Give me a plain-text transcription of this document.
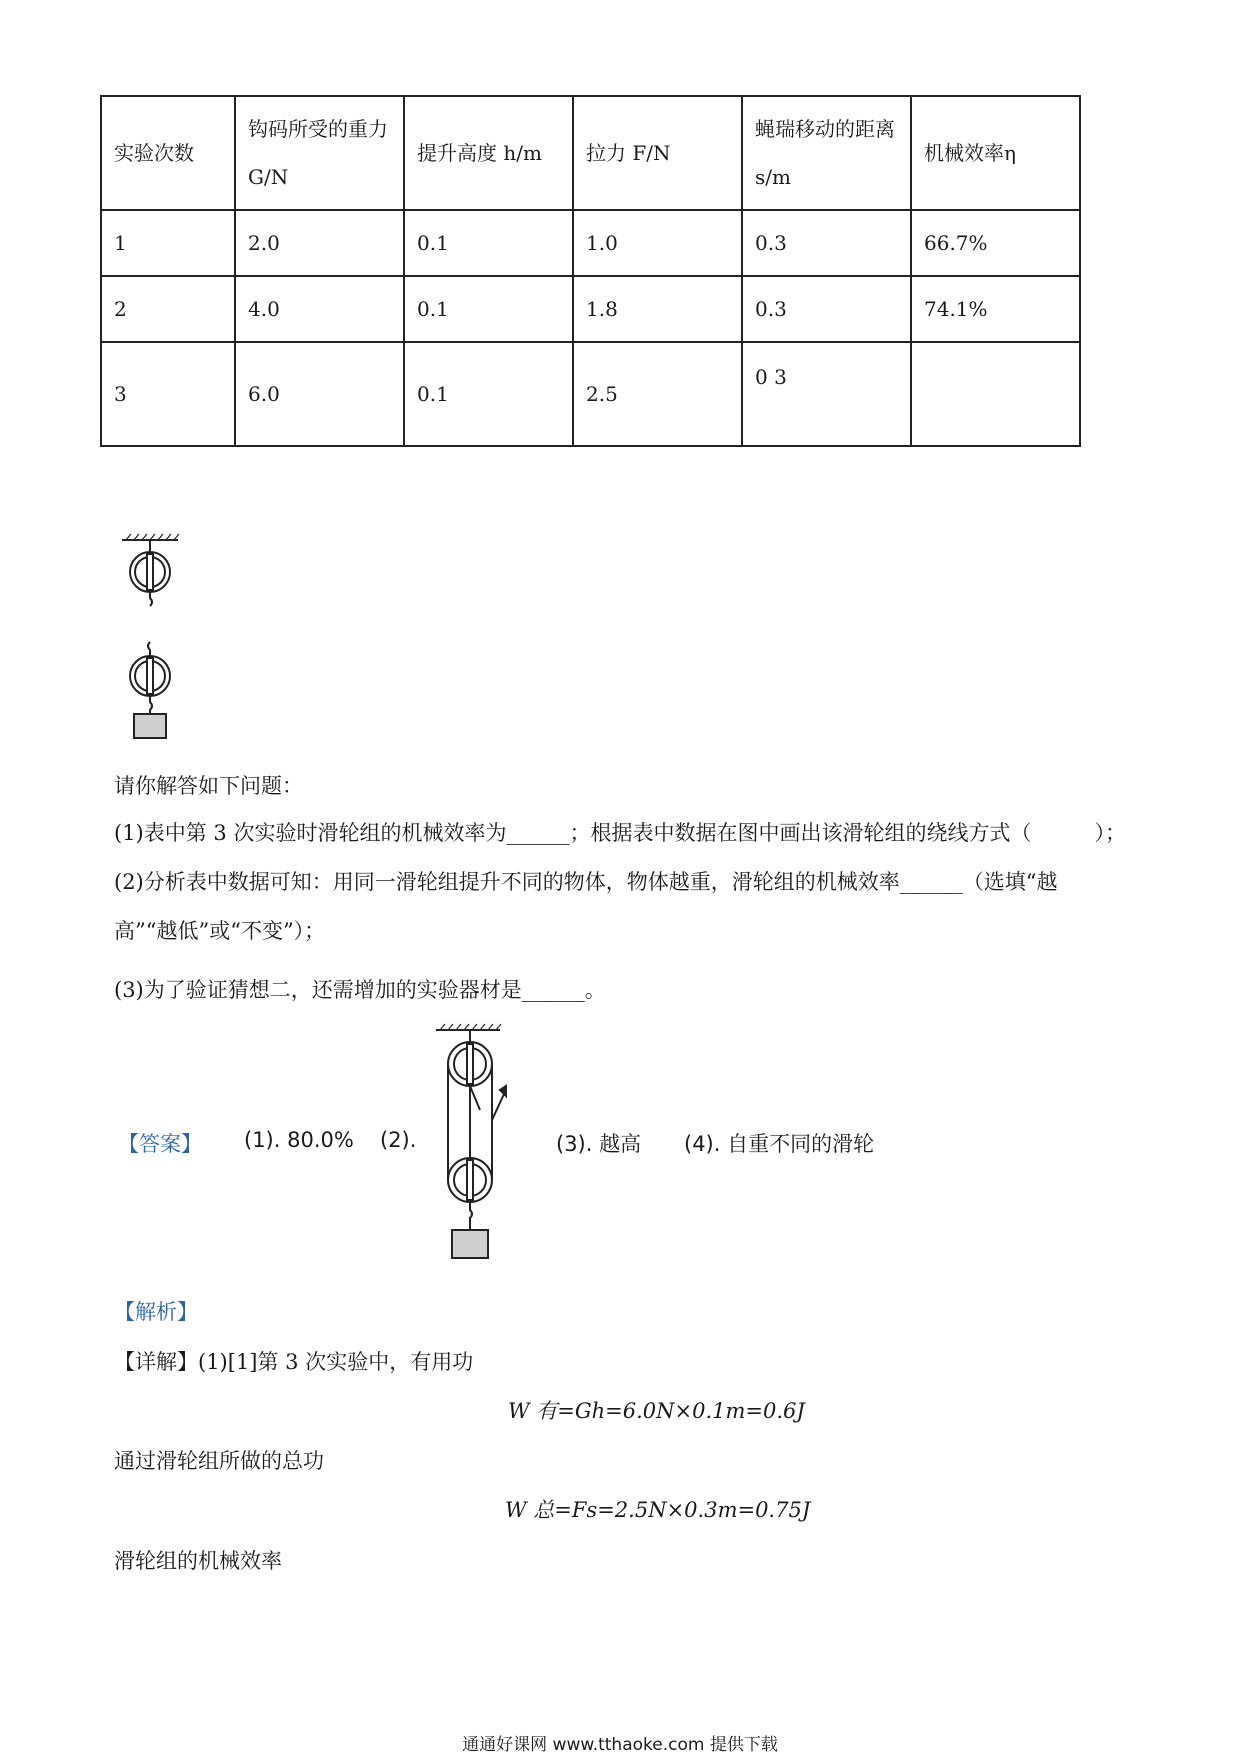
实验次数	钩码所受的重力 G/N	提升高度 h/m	拉力 F/N	蝇瑞移动的距离 s/m	机械效率η
1	2.0	0.1	1.0	0.3	66.7%
2	4.0	0.1	1.8	0.3	74.1%
3	6.0	0.1	2.5	0 3	
请你解答如下问题：
(1)表中第 3 次实验时滑轮组的机械效率为______；根据表中数据在图中画出该滑轮组的绕线方式（　　　）；
(2)分析表中数据可知：用同一滑轮组提升不同的物体，物体越重，滑轮组的机械效率______（选填“越
高”“越低”或“不变”）；
(3)为了验证猜想二，还需增加的实验器材是______。
【答案】 (1). 80.0% (2).	(3). 越高 (4). 自重不同的滑轮
【解析】
【详解】(1)[1]第 3 次实验中，有用功
W 有=Gh=6.0N×0.1m=0.6J
通过滑轮组所做的总功
W 总=Fs=2.5N×0.3m=0.75J
滑轮组的机械效率
通通好课网 www.tthaoke.com 提供下载
